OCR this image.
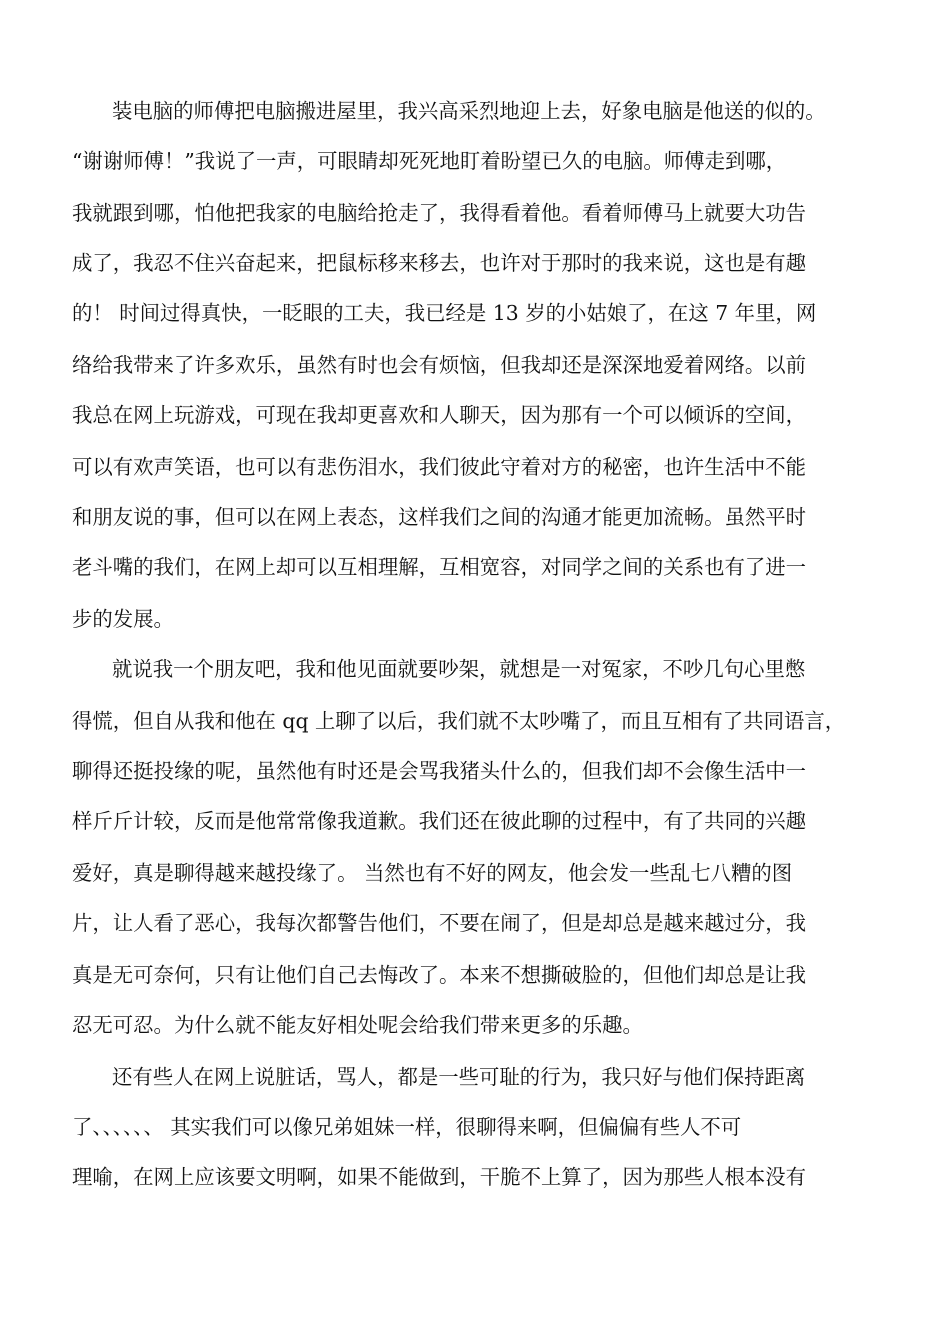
装电脑的师傅把电脑搬进屋里，我兴高采烈地迎上去，好象电脑是他送的似的。
“谢谢师傅！”我说了一声，可眼睛却死死地盯着盼望已久的电脑。师傅走到哪，
我就跟到哪，怕他把我家的电脑给抢走了，我得看着他。看着师傅马上就要大功告
成了，我忍不住兴奋起来，把鼠标移来移去，也许对于那时的我来说，这也是有趣
的！ 时间过得真快，一眨眼的工夫，我已经是 13 岁的小姑娘了，在这 7 年里，网
络给我带来了许多欢乐，虽然有时也会有烦恼，但我却还是深深地爱着网络。以前
我总在网上玩游戏，可现在我却更喜欢和人聊天，因为那有一个可以倾诉的空间，
可以有欢声笑语，也可以有悲伤泪水，我们彼此守着对方的秘密，也许生活中不能
和朋友说的事，但可以在网上表态，这样我们之间的沟通才能更加流畅。虽然平时
老斗嘴的我们，在网上却可以互相理解，互相宽容，对同学之间的关系也有了进一
步的发展。
就说我一个朋友吧，我和他见面就要吵架，就想是一对冤家，不吵几句心里憋
得慌，但自从我和他在 qq 上聊了以后，我们就不太吵嘴了，而且互相有了共同语言，
聊得还挺投缘的呢，虽然他有时还是会骂我猪头什么的，但我们却不会像生活中一
样斤斤计较，反而是他常常像我道歉。我们还在彼此聊的过程中，有了共同的兴趣
爱好，真是聊得越来越投缘了。 当然也有不好的网友，他会发一些乱七八糟的图
片，让人看了恶心，我每次都警告他们，不要在闹了，但是却总是越来越过分，我
真是无可奈何，只有让他们自己去悔改了。本来不想撕破脸的，但他们却总是让我
忍无可忍。为什么就不能友好相处呢会给我们带来更多的乐趣。
还有些人在网上说脏话，骂人，都是一些可耻的行为，我只好与他们保持距离
了、、、、、、 其实我们可以像兄弟姐妹一样，很聊得来啊，但偏偏有些人不可
理喻，在网上应该要文明啊，如果不能做到，干脆不上算了，因为那些人根本没有
